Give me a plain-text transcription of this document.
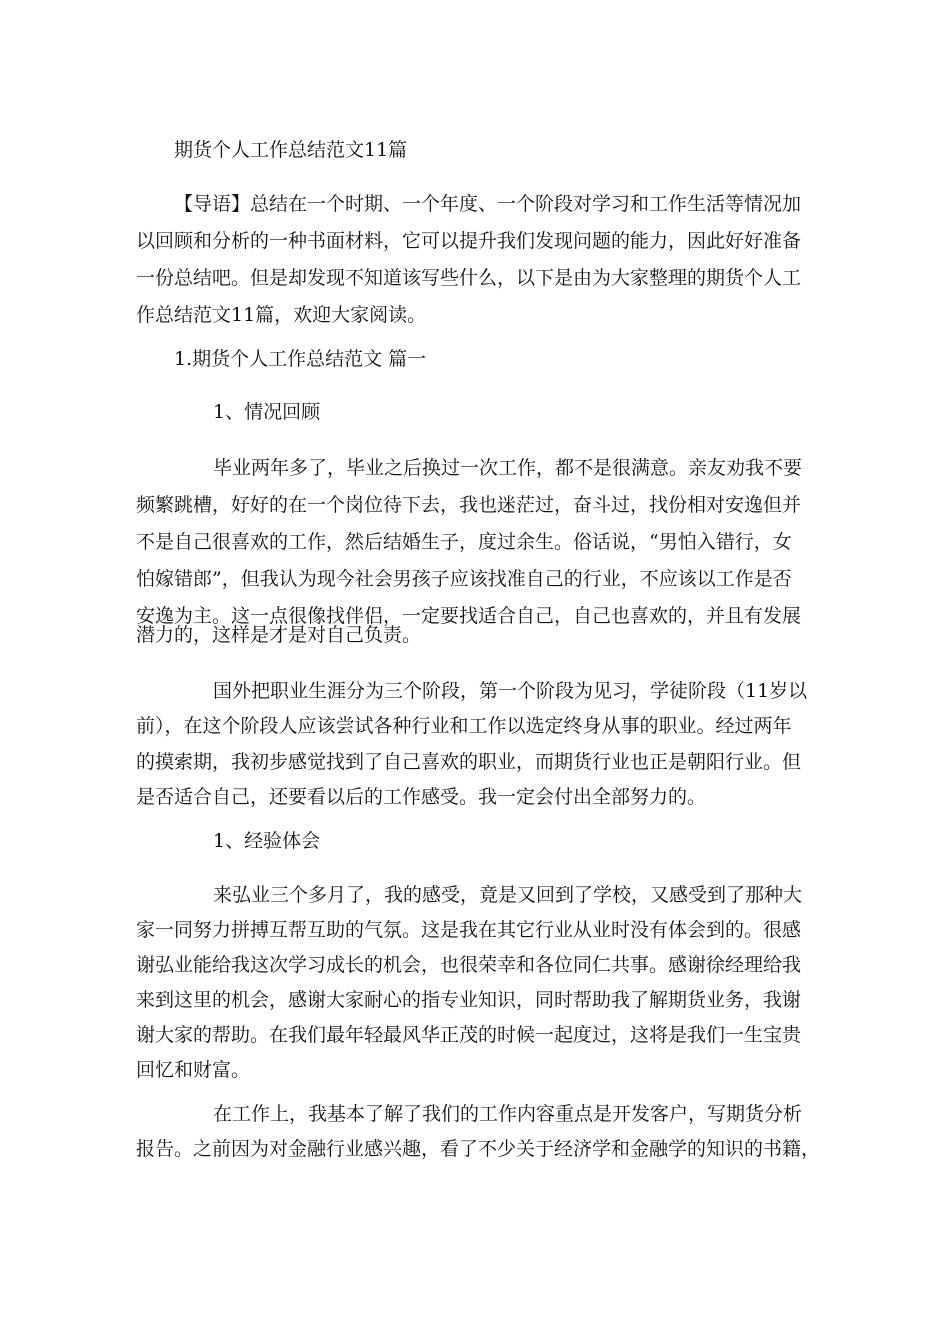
期货个人工作总结范文11篇

【导语】总结在一个时期、一个年度、一个阶段对学习和工作生活等情况加

以回顾和分析的一种书面材料，它可以提升我们发现问题的能力，因此好好准备

一份总结吧。但是却发现不知道该写些什么，以下是由为大家整理的期货个人工

作总结范文11篇，欢迎大家阅读。

1.期货个人工作总结范文 篇一

1、情况回顾

毕业两年多了，毕业之后换过一次工作，都不是很满意。亲友劝我不要

频繁跳槽，好好的在一个岗位待下去，我也迷茫过，奋斗过，找份相对安逸但并

不是自己很喜欢的工作，然后结婚生子，度过余生。俗话说，“男怕入错行，女

怕嫁错郎”，但我认为现今社会男孩子应该找准自己的行业，不应该以工作是否

安逸为主。这一点很像找伴侣，一定要找适合自己，自己也喜欢的，并且有发展

潜力的，这样是才是对自己负责。

国外把职业生涯分为三个阶段，第一个阶段为见习，学徒阶段（11岁以

前），在这个阶段人应该尝试各种行业和工作以选定终身从事的职业。经过两年

的摸索期，我初步感觉找到了自己喜欢的职业，而期货行业也正是朝阳行业。但

是否适合自己，还要看以后的工作感受。我一定会付出全部努力的。

1、经验体会

来弘业三个多月了，我的感受，竟是又回到了学校，又感受到了那种大

家一同努力拼搏互帮互助的气氛。这是我在其它行业从业时没有体会到的。很感

谢弘业能给我这次学习成长的机会，也很荣幸和各位同仁共事。感谢徐经理给我

来到这里的机会，感谢大家耐心的指专业知识，同时帮助我了解期货业务，我谢

谢大家的帮助。在我们最年轻最风华正茂的时候一起度过，这将是我们一生宝贵

回忆和财富。

在工作上，我基本了解了我们的工作内容重点是开发客户，写期货分析

报告。之前因为对金融行业感兴趣，看了不少关于经济学和金融学的知识的书籍，
